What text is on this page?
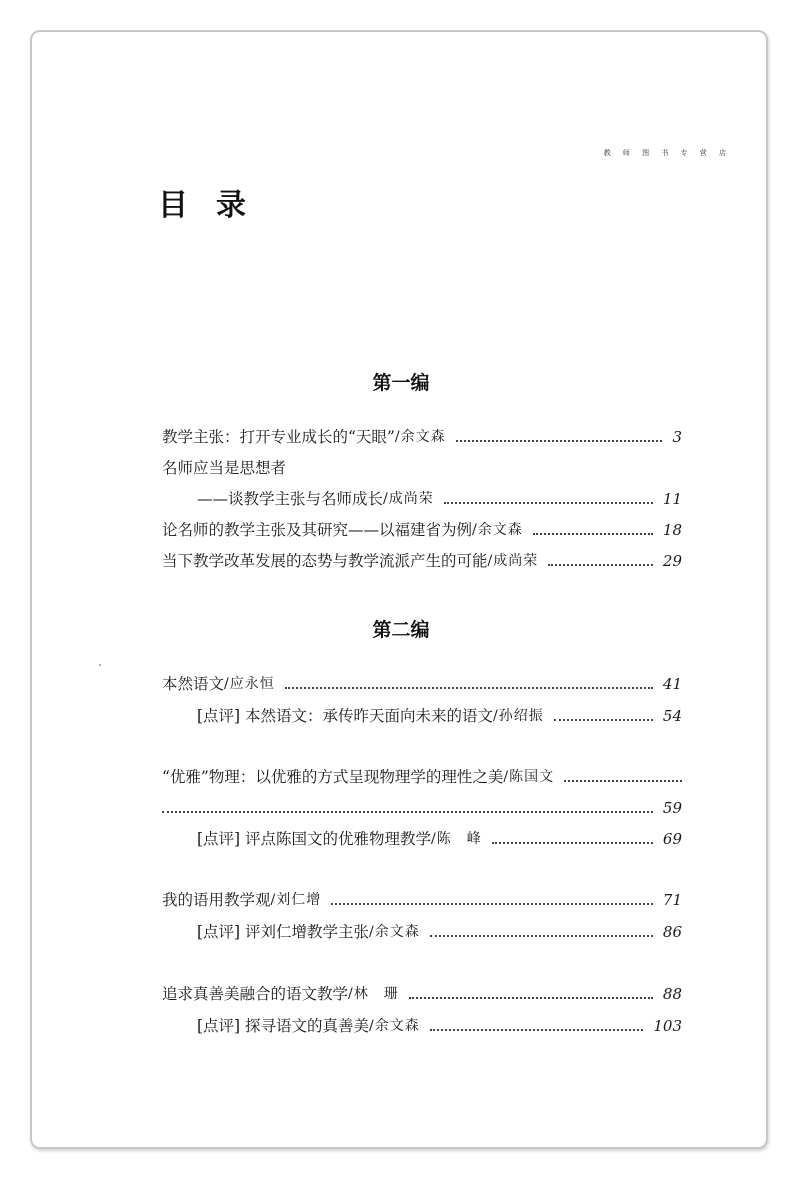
教 师 图 书 专 营 店
目录
第一编
教学主张：打开专业成长的“天眼” /余文森	3
名师应当是思想者
——谈教学主张与名师成长 /成尚荣	11
论名师的教学主张及其研究——以福建省为例 /余文森	18
当下教学改革发展的态势与教学流派产生的可能 /成尚荣	29
第二编
本然语文 /应永恒	41
[点评] 本然语文：承传昨天面向未来的语文 /孙绍振	54
“优雅”物理：以优雅的方式呈现物理学的理性之美 /陈国文
59
[点评] 评点陈国文的优雅物理教学 /陈　峰	69
我的语用教学观 /刘仁增	71
[点评] 评刘仁增教学主张 /余文森	86
追求真善美融合的语文教学 /林　珊	88
[点评] 探寻语文的真善美 /余文森	103
